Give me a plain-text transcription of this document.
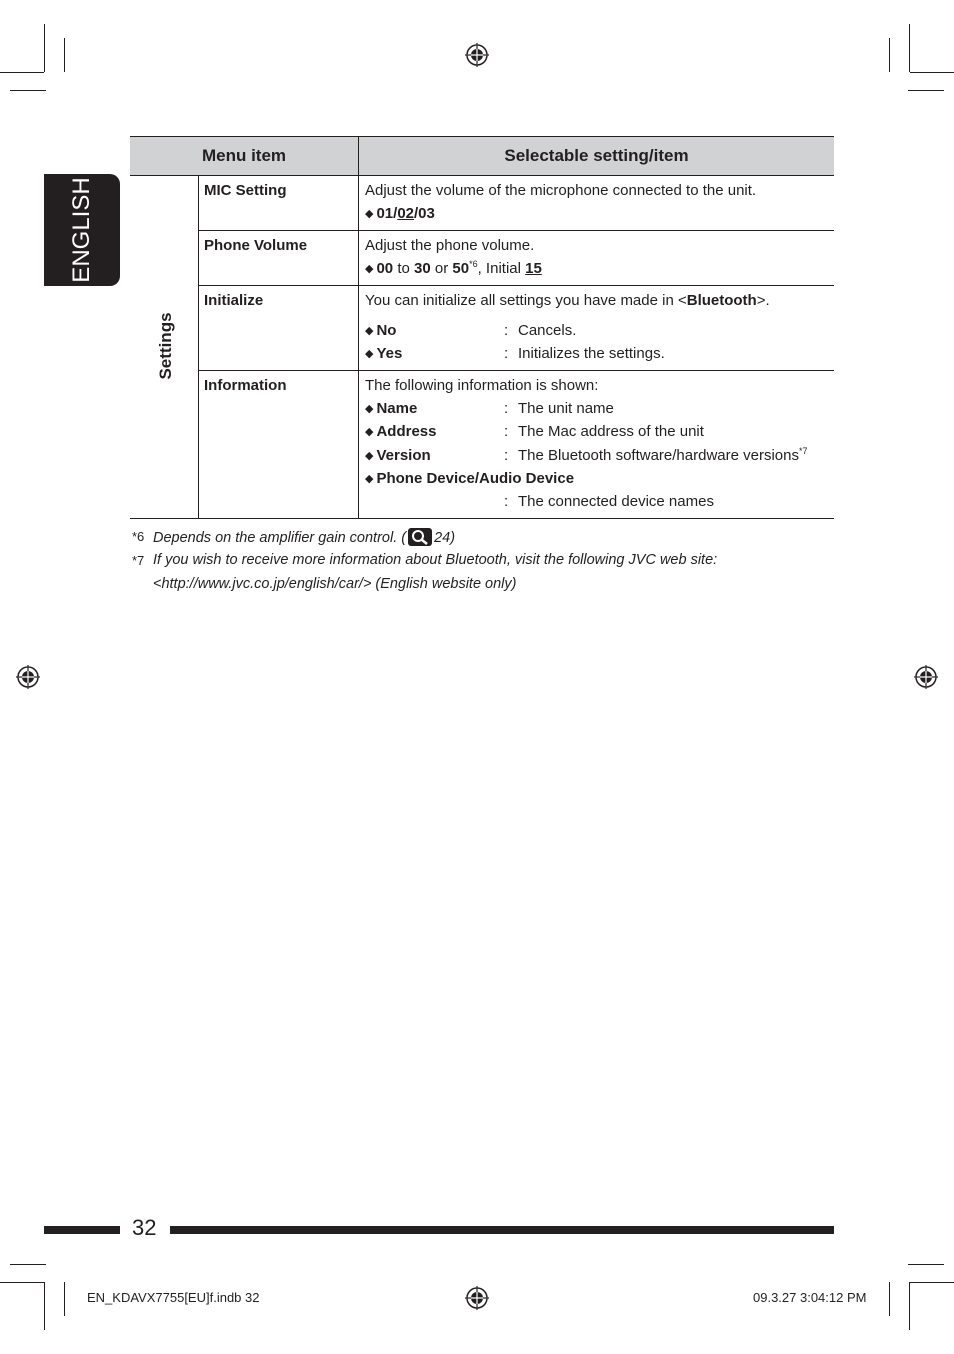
ENGLISH
Menu item	Selectable setting/item
Settings
MIC Setting	Adjust the volume of the microphone connected to the unit.
◆ 01/02/03
Phone Volume	Adjust the phone volume.
◆ 00 to 30 or 50$^{*6}$, Initial 15
Initialize	You can initialize all settings you have made in <Bluetooth>.
◆ No	: Cancels.
◆ Yes	: Initializes the settings.
Information	The following information is shown:
◆ Name	: The unit name
◆ Address	: The Mac address of the unit
◆ Version	: The Bluetooth software/hardware versions$^{*7}$
◆ Phone Device/Audio Device
: The connected device names
*6 Depends on the amplifier gain control. ( 24)
*7 If you wish to receive more information about Bluetooth, visit the following JVC web site:
<http://www.jvc.co.jp/english/car/> (English website only)
32
EN_KDAVX7755[EU]f.indb 32	09.3.27 3:04:12 PM
